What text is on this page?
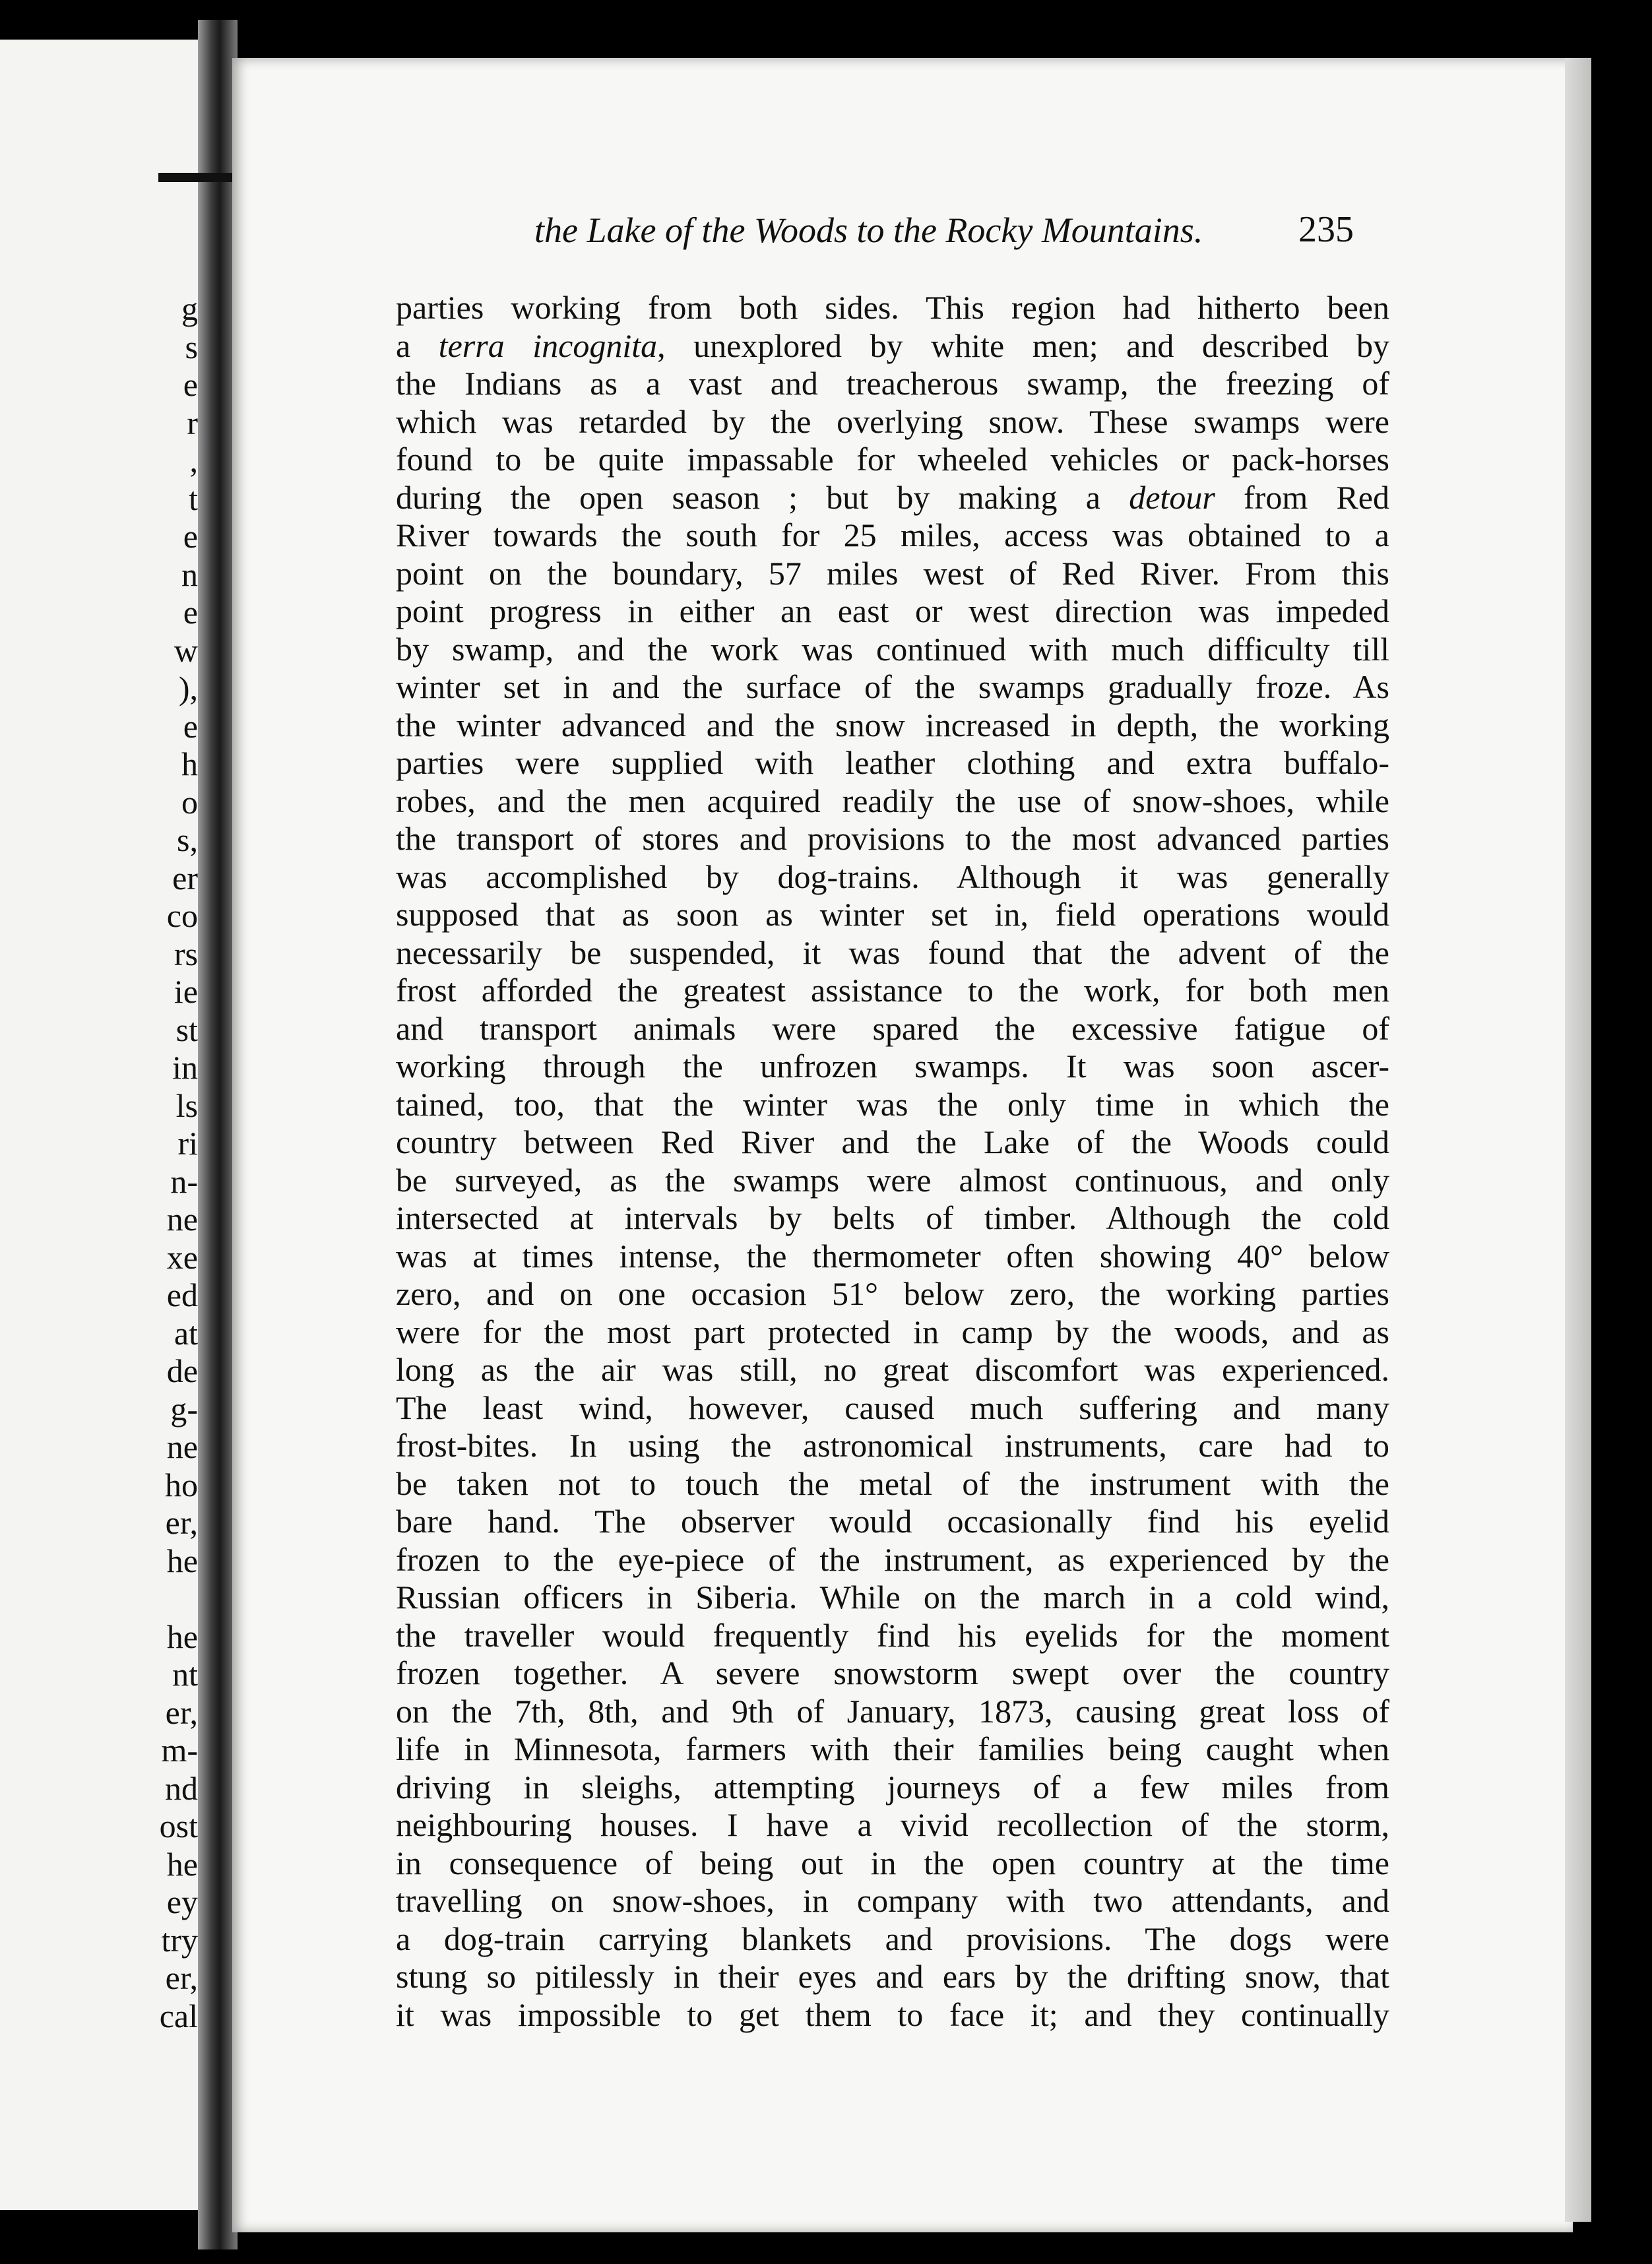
g
s
e
r
,
t
e
n
e
w
),
e
h
o
s,
er
co
rs
ie
st
in
ls
ri
n-
ne
xe
ed
at
de
g-
ne
ho
er,
he
he
nt
er,
m-
nd
ost
he
ey
try
er,
cal
the Lake of the Woods to the Rocky Mountains.	235
parties working from both sides. This region had hitherto been
a terra incognita, unexplored by white men; and described by
the Indians as a vast and treacherous swamp, the freezing of
which was retarded by the overlying snow. These swamps were
found to be quite impassable for wheeled vehicles or pack-horses
during the open season ; but by making a detour from Red
River towards the south for 25 miles, access was obtained to a
point on the boundary, 57 miles west of Red River. From this
point progress in either an east or west direction was impeded
by swamp, and the work was continued with much difficulty till
winter set in and the surface of the swamps gradually froze. As
the winter advanced and the snow increased in depth, the working
parties were supplied with leather clothing and extra buffalo-
robes, and the men acquired readily the use of snow-shoes, while
the transport of stores and provisions to the most advanced parties
was accomplished by dog-trains. Although it was generally
supposed that as soon as winter set in, field operations would
necessarily be suspended, it was found that the advent of the
frost afforded the greatest assistance to the work, for both men
and transport animals were spared the excessive fatigue of
working through the unfrozen swamps. It was soon ascer-
tained, too, that the winter was the only time in which the
country between Red River and the Lake of the Woods could
be surveyed, as the swamps were almost continuous, and only
intersected at intervals by belts of timber. Although the cold
was at times intense, the thermometer often showing 40° below
zero, and on one occasion 51° below zero, the working parties
were for the most part protected in camp by the woods, and as
long as the air was still, no great discomfort was experienced.
The least wind, however, caused much suffering and many
frost-bites. In using the astronomical instruments, care had to
be taken not to touch the metal of the instrument with the
bare hand. The observer would occasionally find his eyelid
frozen to the eye-piece of the instrument, as experienced by the
Russian officers in Siberia. While on the march in a cold wind,
the traveller would frequently find his eyelids for the moment
frozen together. A severe snowstorm swept over the country
on the 7th, 8th, and 9th of January, 1873, causing great loss of
life in Minnesota, farmers with their families being caught when
driving in sleighs, attempting journeys of a few miles from
neighbouring houses. I have a vivid recollection of the storm,
in consequence of being out in the open country at the time
travelling on snow-shoes, in company with two attendants, and
a dog-train carrying blankets and provisions. The dogs were
stung so pitilessly in their eyes and ears by the drifting snow, that
it was impossible to get them to face it; and they continually
